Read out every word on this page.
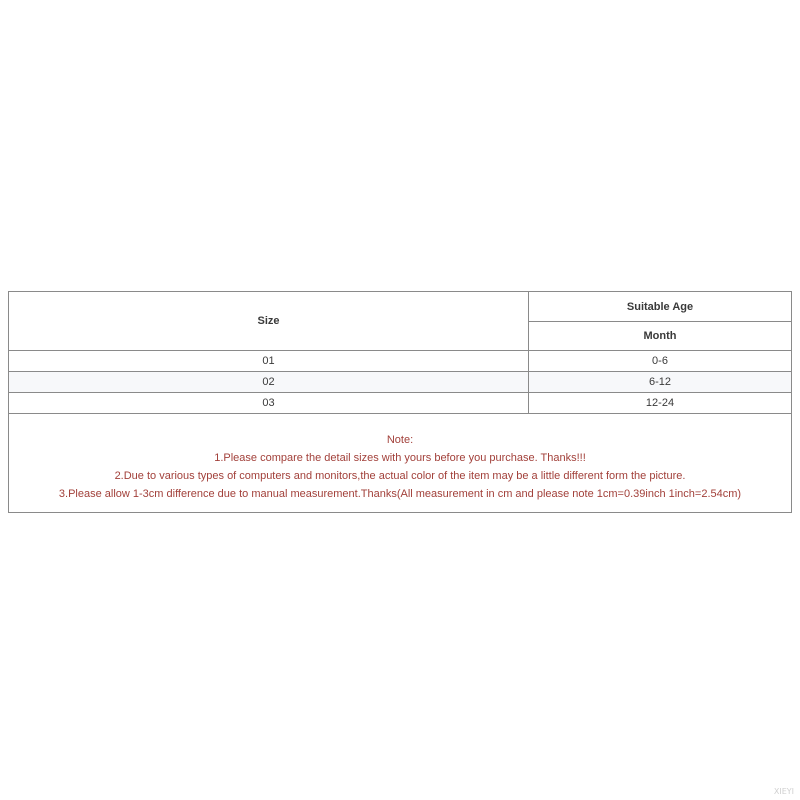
Size	Suitable Age
	Month
01	0-6
02	6-12
03	12-24

Note:
1.Please compare the detail sizes with yours before you purchase. Thanks!!!
2.Due to various types of computers and monitors,the actual color of the item may be a little different form the picture.
3.Please allow 1-3cm difference due to manual measurement.Thanks(All measurement in cm and please note 1cm=0.39inch 1inch=2.54cm)	
XIEYI
